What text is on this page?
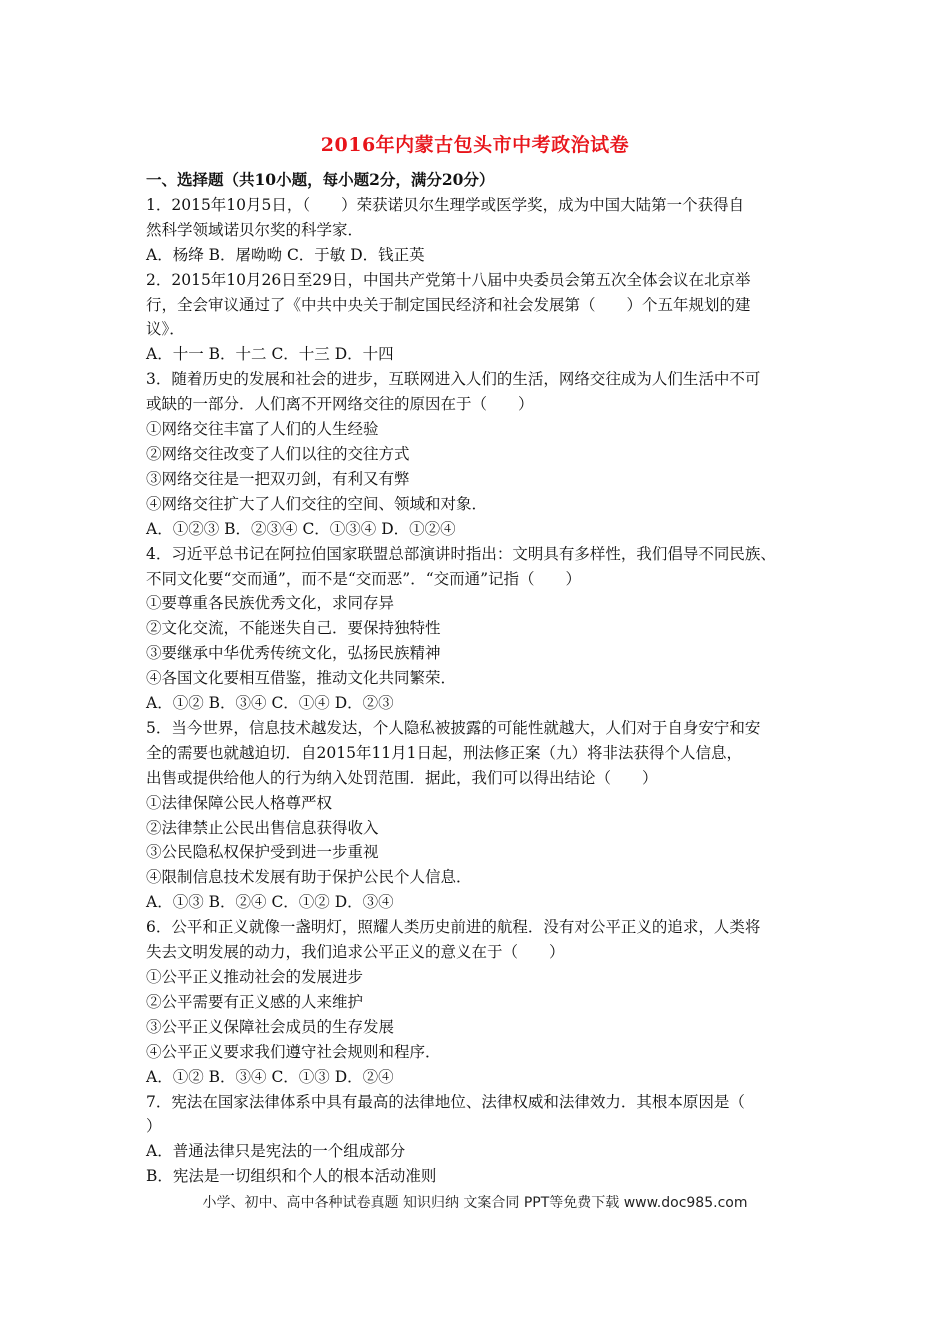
2016年内蒙古包头市中考政治试卷
一、选择题（共10小题，每小题2分，满分20分）
1．2015年10月5日，（　　）荣获诺贝尔生理学或医学奖，成为中国大陆第一个获得自
然科学领域诺贝尔奖的科学家．
A．杨绛 B．屠呦呦 C．于敏 D．钱正英
2．2015年10月26日至29日，中国共产党第十八届中央委员会第五次全体会议在北京举
行，全会审议通过了《中共中央关于制定国民经济和社会发展第（　　）个五年规划的建
议》．
A．十一 B．十二 C．十三 D．十四
3．随着历史的发展和社会的进步，互联网进入人们的生活，网络交往成为人们生活中不可
或缺的一部分．人们离不开网络交往的原因在于（　　）
①网络交往丰富了人们的人生经验
②网络交往改变了人们以往的交往方式
③网络交往是一把双刃剑，有利又有弊
④网络交往扩大了人们交往的空间、领域和对象．
A．①②③ B．②③④ C．①③④ D．①②④
4．习近平总书记在阿拉伯国家联盟总部演讲时指出：文明具有多样性，我们倡导不同民族、
不同文化要“交而通”，而不是“交而恶”．“交而通”记指（　　）
①要尊重各民族优秀文化，求同存异
②文化交流，不能迷失自己．要保持独特性
③要继承中华优秀传统文化，弘扬民族精神
④各国文化要相互借鉴，推动文化共同繁荣．
A．①② B．③④ C．①④ D．②③
5．当今世界，信息技术越发达，个人隐私被披露的可能性就越大，人们对于自身安宁和安
全的需要也就越迫切．自2015年11月1日起，刑法修正案（九）将非法获得个人信息，
出售或提供给他人的行为纳入处罚范围．据此，我们可以得出结论（　　）
①法律保障公民人格尊严权
②法律禁止公民出售信息获得收入
③公民隐私权保护受到进一步重视
④限制信息技术发展有助于保护公民个人信息．
A．①③ B．②④ C．①② D．③④
6．公平和正义就像一盏明灯，照耀人类历史前进的航程．没有对公平正义的追求，人类将
失去文明发展的动力，我们追求公平正义的意义在于（　　）
①公平正义推动社会的发展进步
②公平需要有正义感的人来维护
③公平正义保障社会成员的生存发展
④公平正义要求我们遵守社会规则和程序．
A．①② B．③④ C．①③ D．②④
7．宪法在国家法律体系中具有最高的法律地位、法律权威和法律效力．其根本原因是（
）
A．普通法律只是宪法的一个组成部分
B．宪法是一切组织和个人的根本活动准则
小学、初中、高中各种试卷真题 知识归纳 文案合同 PPT等免费下载 www.doc985.com
